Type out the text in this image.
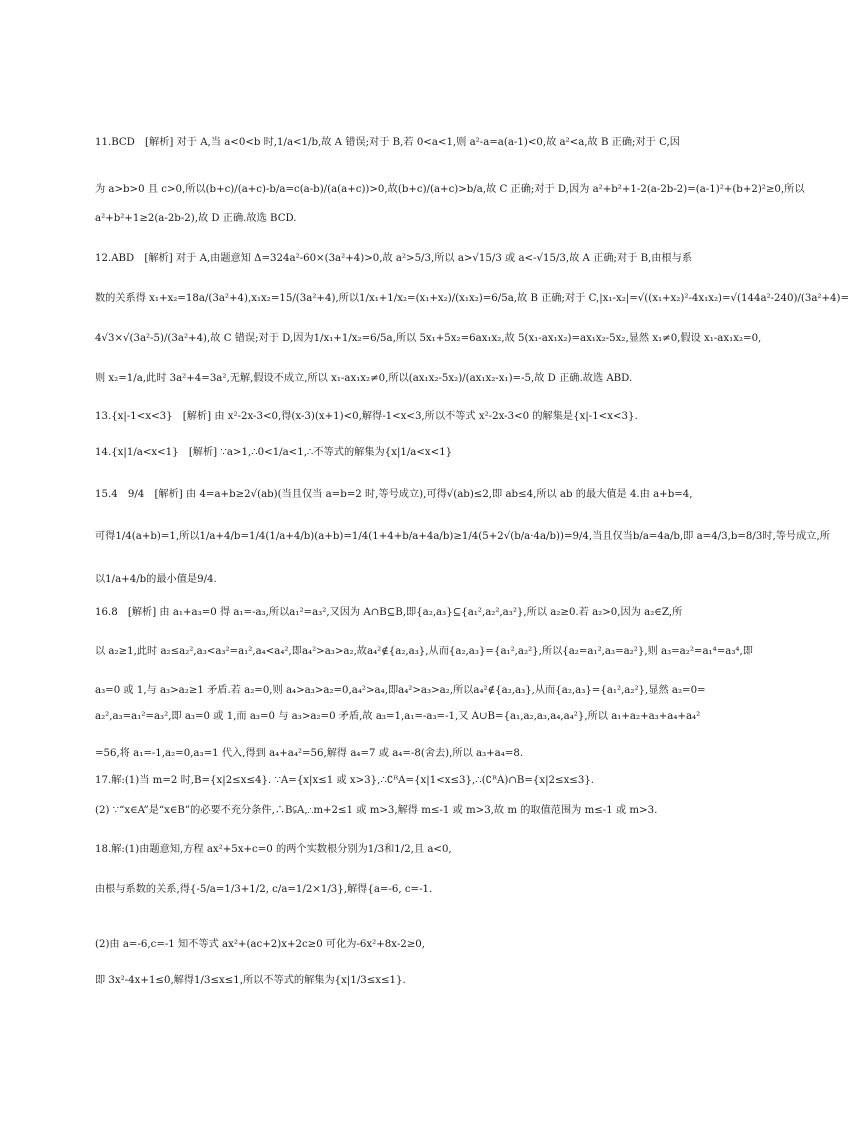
11.BCD　[解析] 对于 A,当 a<0<b 时,1/a<1/b,故 A 错误;对于 B,若 0<a<1,则 a²-a=a(a-1)<0,故 a²<a,故 B 正确;对于 C,因
为 a>b>0 且 c>0,所以(b+c)/(a+c)-b/a=c(a-b)/(a(a+c))>0,故(b+c)/(a+c)>b/a,故 C 正确;对于 D,因为 a²+b²+1-2(a-2b-2)=(a-1)²+(b+2)²≥0,所以
a²+b²+1≥2(a-2b-2),故 D 正确.故选 BCD.
12.ABD　[解析] 对于 A,由题意知 Δ=324a²-60×(3a²+4)>0,故 a²>5/3,所以 a>√15/3 或 a<-√15/3,故 A 正确;对于 B,由根与系
数的关系得 x₁+x₂=18a/(3a²+4),x₁x₂=15/(3a²+4),所以1/x₁+1/x₂=(x₁+x₂)/(x₁x₂)=6/5a,故 B 正确;对于 C,|x₁-x₂|=√((x₁+x₂)²-4x₁x₂)=√(144a²-240)/(3a²+4)=
4√3×√(3a²-5)/(3a²+4),故 C 错误;对于 D,因为1/x₁+1/x₂=6/5a,所以 5x₁+5x₂=6ax₁x₂,故 5(x₁-ax₁x₂)=ax₁x₂-5x₂,显然 x₁≠0,假设 x₁-ax₁x₂=0,
则 x₂=1/a,此时 3a²+4=3a²,无解,假设不成立,所以 x₁-ax₁x₂≠0,所以(ax₁x₂-5x₂)/(ax₁x₂-x₁)=-5,故 D 正确.故选 ABD.
13.{x|-1<x<3}　[解析] 由 x²-2x-3<0,得(x-3)(x+1)<0,解得-1<x<3,所以不等式 x²-2x-3<0 的解集是{x|-1<x<3}.
14.{x|1/a<x<1}　[解析] ∵a>1,∴0<1/a<1,∴不等式的解集为{x|1/a<x<1}
15.4　9/4　[解析] 由 4=a+b≥2√(ab)(当且仅当 a=b=2 时,等号成立),可得√(ab)≤2,即 ab≤4,所以 ab 的最大值是 4.由 a+b=4,
可得1/4(a+b)=1,所以1/a+4/b=1/4(1/a+4/b)(a+b)=1/4(1+4+b/a+4a/b)≥1/4(5+2√(b/a·4a/b))=9/4,当且仅当b/a=4a/b,即 a=4/3,b=8/3时,等号成立,所
以1/a+4/b的最小值是9/4.
16.8　[解析] 由 a₁+a₃=0 得 a₁=-a₃,所以a₁²=a₃²,又因为 A∩B⊆B,即{a₂,a₃}⊆{a₁²,a₂²,a₃²},所以 a₂≥0.若 a₂>0,因为 a₂∈Z,所
以 a₂≥1,此时 a₂≤a₂²,a₃<a₃²=a₁²,a₄<a₄²,即a₄²>a₃>a₂,故a₄²∉{a₂,a₃},从而{a₂,a₃}={a₁²,a₂²},所以{a₂=a₁²,a₃=a₂²},则 a₃=a₂²=a₁⁴=a₃⁴,即
a₃=0 或 1,与 a₃>a₂≥1 矛盾.若 a₂=0,则 a₄>a₃>a₂=0,a₄²>a₄,即a₄²>a₃>a₂,所以a₄²∉{a₂,a₃},从而{a₂,a₃}={a₁²,a₂²},显然 a₂=0=
a₂²,a₃=a₁²=a₃²,即 a₃=0 或 1,而 a₃=0 与 a₃>a₂=0 矛盾,故 a₃=1,a₁=-a₃=-1,又 A∪B={a₁,a₂,a₃,a₄,a₄²},所以 a₁+a₂+a₃+a₄+a₄²
=56,将 a₁=-1,a₂=0,a₃=1 代入,得到 a₄+a₄²=56,解得 a₄=7 或 a₄=-8(舍去),所以 a₃+a₄=8.
17.解:(1)当 m=2 时,B={x|2≤x≤4}. ∵A={x|x≤1 或 x>3},∴∁ᴿA={x|1<x≤3},∴(∁ᴿA)∩B={x|2≤x≤3}.
(2) ∵“x∈A”是“x∈B”的必要不充分条件,∴B⫋A,∴m+2≤1 或 m>3,解得 m≤-1 或 m>3,故 m 的取值范围为 m≤-1 或 m>3.
18.解:(1)由题意知,方程 ax²+5x+c=0 的两个实数根分别为1/3和1/2,且 a<0,
由根与系数的关系,得{-5/a=1/3+1/2, c/a=1/2×1/3},解得{a=-6, c=-1.
(2)由 a=-6,c=-1 知不等式 ax²+(ac+2)x+2c≥0 可化为-6x²+8x-2≥0,
即 3x²-4x+1≤0,解得1/3≤x≤1,所以不等式的解集为{x|1/3≤x≤1}.
